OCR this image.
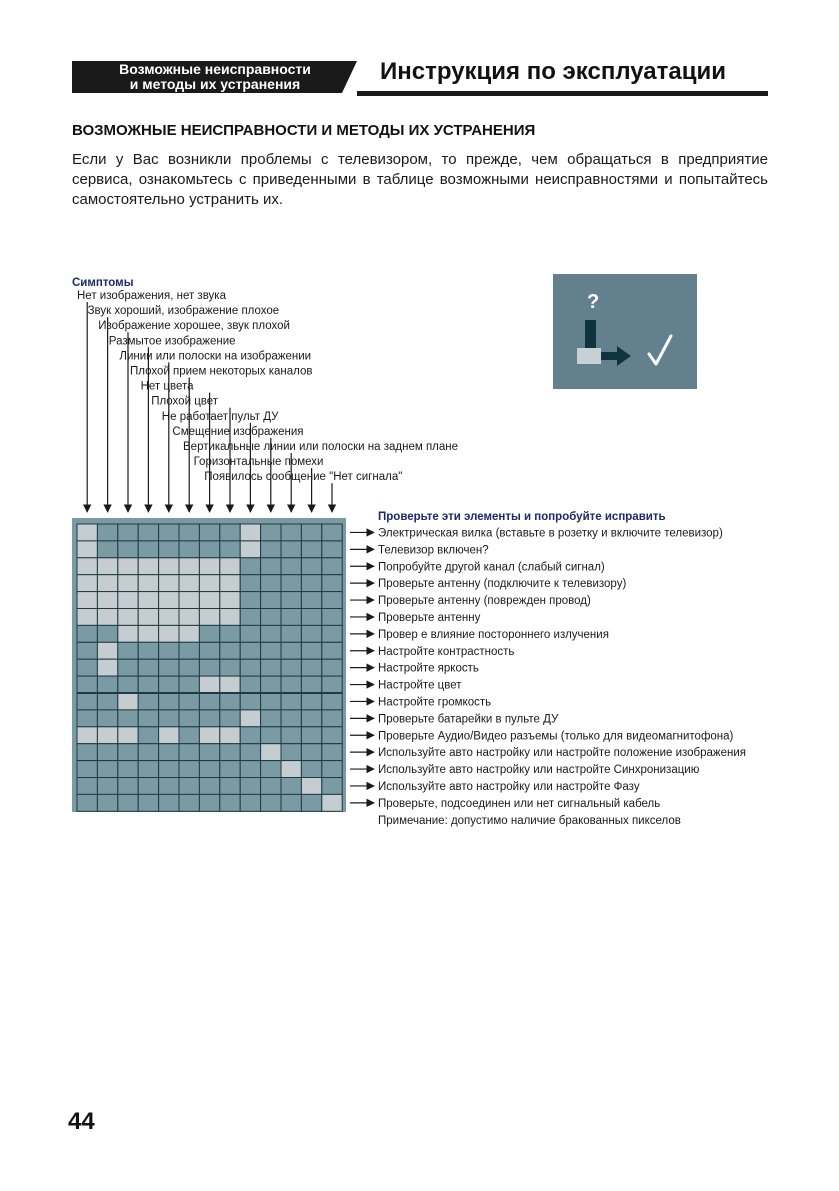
Возможные неисправности
и методы их устранения	Инструкция по эксплуатации
ВОЗМОЖНЫЕ НЕИСПРАВНОСТИ И МЕТОДЫ ИХ УСТРАНЕНИЯ
Если у Вас возникли проблемы с телевизором, то прежде, чем обращаться в предприятие сервиса, ознакомьтесь с приведенными в таблице возможными неисправностями и попытайтесь самостоятельно устранить их.
?
Симптомы
Нет изображения, нет звука
Звук хороший, изображение плохое
Изображение хорошее, звук плохой
Размытое изображение
Линии или полоски на изображении
Плохой прием некоторых каналов
Нет цвета
Плохой цвет
Не работает пульт ДУ
Смещение изображения
Вертикальные линии или полоски на заднем плане
Горизонтальные помехи
Появилось сообщение "Нет сигнала"
Проверьте эти элементы и попробуйте исправить
Электрическая вилка (вставьте в розетку и включите телевизор)
Телевизор включен?
Попробуйте другой канал (слабый сигнал)
Проверьте антенну (подключите к телевизору)
Проверьте антенну (поврежден провод)
Проверьте антенну
Провер е влияние постороннего излучения
Настройте контрастность
Настройте яркость
Настройте цвет
Настройте громкость
Проверьте батарейки в пульте ДУ
Проверьте Аудио/Видео разъемы (только для видеомагнитофона)
Используйте авто настройку или настройте положение изображения
Используйте авто настройку или настройте Синхронизацию
Используйте авто настройку или настройте Фазу
Проверьте, подсоединен или нет сигнальный кабель
Примечание: допустимо наличие бракованных пикселов
44
